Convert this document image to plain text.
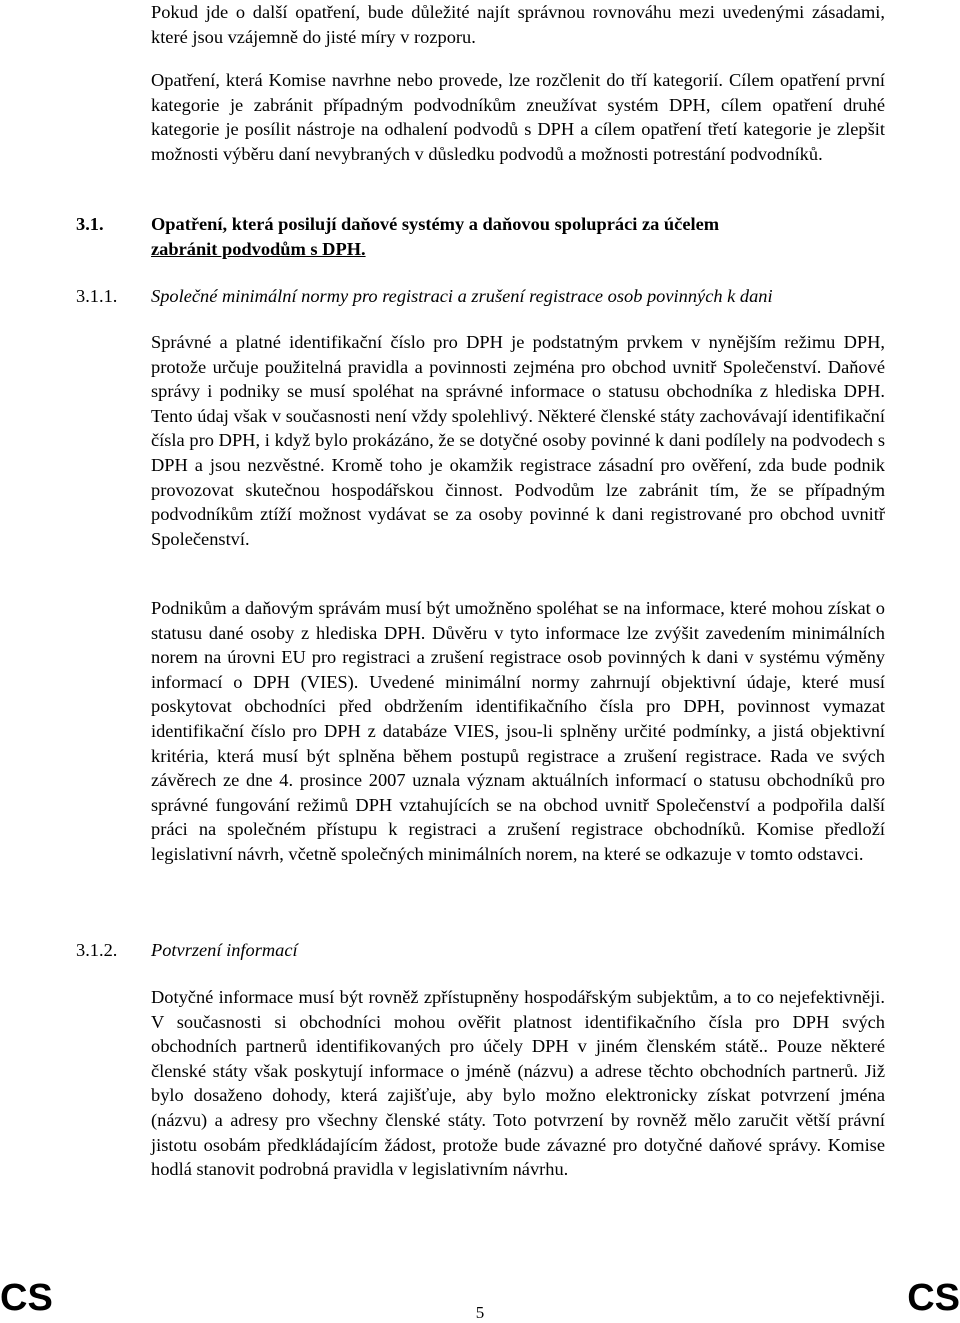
Pokud jde o další opatření, bude důležité najít správnou rovnováhu mezi uvedenými zásadami, které jsou vzájemně do jisté míry v rozporu.

Opatření, která Komise navrhne nebo provede, lze rozčlenit do tří kategorií. Cílem opatření první kategorie je zabránit případným podvodníkům zneužívat systém DPH, cílem opatření druhé kategorie je posílit nástroje na odhalení podvodů s DPH a cílem opatření třetí kategorie je zlepšit možnosti výběru daní nevybraných v důsledku podvodů a možnosti potrestání podvodníků.

3.1.	Opatření, která posilují daňové systémy a daňovou spolupráci za účelem
zabránit podvodům s DPH.

3.1.1. Společné minimální normy pro registraci a zrušení registrace osob povinných k dani

Správné a platné identifikační číslo pro DPH je podstatným prvkem v nynějším režimu DPH, protože určuje použitelná pravidla a povinnosti zejména pro obchod uvnitř Společenství. Daňové správy i podniky se musí spoléhat na správné informace o statusu obchodníka z hlediska DPH. Tento údaj však v současnosti není vždy spolehlivý. Některé členské státy zachovávají identifikační čísla pro DPH, i když bylo prokázáno, že se dotyčné osoby povinné k dani podílely na podvodech s DPH a jsou nezvěstné. Kromě toho je okamžik registrace zásadní pro ověření, zda bude podnik provozovat skutečnou hospodářskou činnost. Podvodům lze zabránit tím, že se případným podvodníkům ztíží možnost vydávat se za osoby povinné k dani registrované pro obchod uvnitř Společenství.

Podnikům a daňovým správám musí být umožněno spoléhat se na informace, které mohou získat o statusu dané osoby z hlediska DPH. Důvěru v tyto informace lze zvýšit zavedením minimálních norem na úrovni EU pro registraci a zrušení registrace osob povinných k dani v systému výměny informací o DPH (VIES). Uvedené minimální normy zahrnují objektivní údaje, které musí poskytovat obchodníci před obdržením identifikačního čísla pro DPH, povinnost vymazat identifikační číslo pro DPH z databáze VIES, jsou-li splněny určité podmínky, a jistá objektivní kritéria, která musí být splněna během postupů registrace a zrušení registrace. Rada ve svých závěrech ze dne 4. prosince 2007 uznala význam aktuálních informací o statusu obchodníků pro správné fungování režimů DPH vztahujících se na obchod uvnitř Společenství a podpořila další práci na společném přístupu k registraci a zrušení registrace obchodníků. Komise předloží legislativní návrh, včetně společných minimálních norem, na které se odkazuje v tomto odstavci.

3.1.2. Potvrzení informací

Dotyčné informace musí být rovněž zpřístupněny hospodářským subjektům, a to co nejefektivněji. V současnosti si obchodníci mohou ověřit platnost identifikačního čísla pro DPH svých obchodních partnerů identifikovaných pro účely DPH v jiném členském státě.. Pouze některé členské státy však poskytují informace o jméně (názvu) a adrese těchto obchodních partnerů. Již bylo dosaženo dohody, která zajišťuje, aby bylo možno elektronicky získat potvrzení jména (názvu) a adresy pro všechny členské státy. Toto potvrzení by rovněž mělo zaručit větší právní jistotu osobám předkládajícím žádost, protože bude závazné pro dotyčné daňové správy. Komise hodlá stanovit podrobná pravidla v legislativním návrhu.

CS	5	CS
